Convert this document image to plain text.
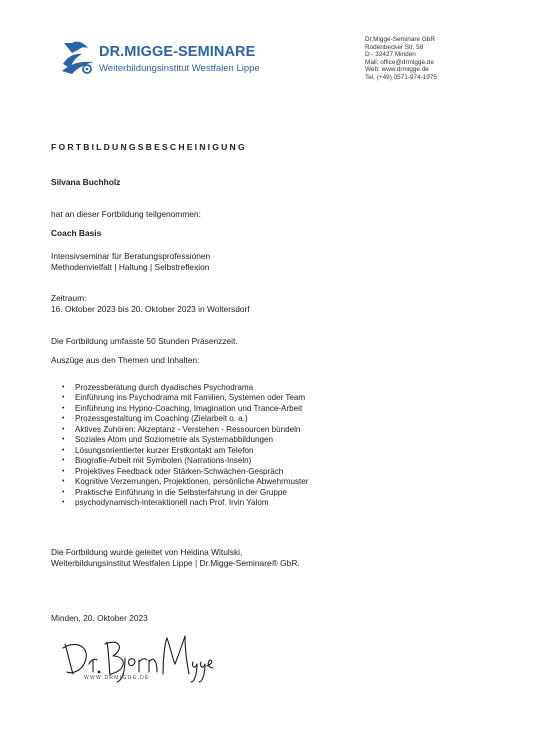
DR.MIGGE-SEMINARE
Weiterbildungsinstitut Westfalen Lippe
Dr.Migge-Seminare GbR
Rodenbecker Str. 58
D - 32427 Minden
Mail: office@drmigge.de
Web: www.drmigge.de
Tel. (+49) 0571-974-1975
FORTBILDUNGSBESCHEINIGUNG
Silvana Buchholz
hat an dieser Fortbildung teilgenommen:
Coach Basis
Intensivseminar für Beratungsprofessionen
Methodenvielfalt | Haltung | Selbstreflexion
Zeitraum:
16. Oktober 2023 bis 20. Oktober 2023 in Woltersdorf
Die Fortbildung umfasste 50 Stunden Präsenzzeit.
Auszüge aus den Themen und Inhalten:
• Prozessberatung durch dyadisches Psychodrama
• Einführung ins Psychodrama mit Familien, Systemen oder Team
• Einführung ins Hypno-Coaching, Imagination und Trance-Arbeit
• Prozessgestaltung im Coaching (Zielarbeit o. a.)
• Aktives Zuhören: Akzeptanz - Verstehen - Ressourcen bündeln
• Soziales Atom und Soziometrie als Systemabbildungen
• Lösungsorientierter kurzer Erstkontakt am Telefon
• Biografie-Arbeit mit Symbolen (Narrations-Inseln)
• Projektives Feedback oder Stärken-Schwächen-Gespräch
• Kognitive Verzerrungen, Projektionen, persönliche Abwehrmuster
• Praktische Einführung in die Selbsterfahrung in der Gruppe
• psychodynamisch-interaktionell nach Prof. Irvin Yalom
Die Fortbildung wurde geleitet von Heidina Witulski,
Weiterbildungsinstitut Westfalen Lippe | Dr.Migge-Seminare® GbR.
Minden, 20. Oktober 2023
WWW.DRMIGGE.DE
